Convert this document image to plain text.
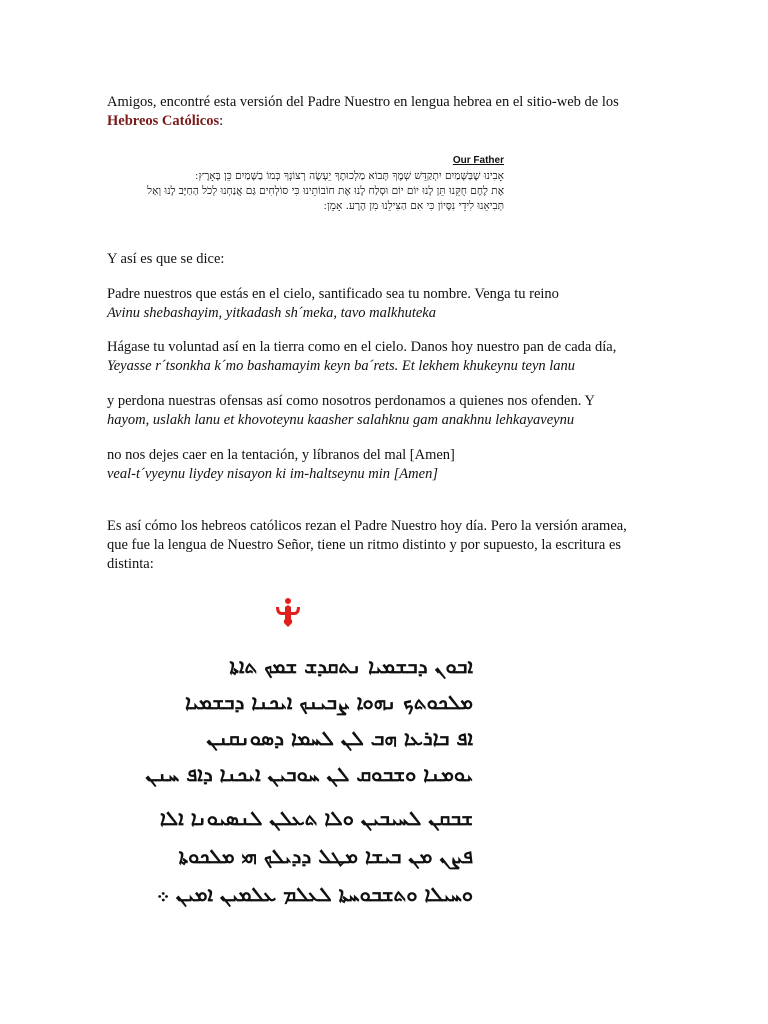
Amigos, encontré esta versión del Padre Nuestro en lengua hebrea en el sitio-web de los Hebreos Católicos:
Our Father
אָבִינוּ שֶׁבַּשָּׁמַיִם יִתְקַדֵּשׁ שְׁמֶךָ תָּבוֹא מַלְכוּתֶךָ יֵעָשֶׂה רְצוֹנְךָ כְּמוֹ בַשָּׁמַיִם כֵּן בָּאָרֶץ ׃
אֶת לֶחֶם חֻקֵּנוּ תֵּן לָנוּ יוֹם יוֹם וּסְלַח לָנוּ אֶת חוֹבוֹתֵינוּ כִּי סוֹלְחִים גַּם אֲנַחְנוּ לְכֹל הַחַיָּב לָנוּ וְאַל
תְּבִיאֵנוּ לִידֵי נִסָּיוֹן כִּי אִם הַצִּילֵנוּ מִן הָרָע. אָמֵן ׃
Y así es que se dice:
Padre nuestros que estás en el cielo, santificado sea tu nombre. Venga tu reino
Avinu shebashayim, yitkadash sh´meka, tavo malkhuteka
Hágase tu voluntad así en la tierra como en el cielo. Danos hoy nuestro pan de cada día,
Yeyasse r´tsonkha k´mo bashamayim keyn ba´rets. Et lekhem khukeynu teyn lanu
y perdona nuestras ofensas así como nosotros perdonamos a quienes nos ofenden. Y
hayom, uslakh lanu et khovoteynu kaasher salahknu gam anakhnu lehkayaveynu
no nos dejes caer en la tentación, y líbranos del mal [Amen]
veal-t´vyeynu liydey nisayon ki im-haltseynu min [Amen]
Es así cómo los hebreos católicos rezan el Padre Nuestro hoy día. Pero la versión aramea,
que fue la lengua de Nuestro Señor, tiene un ritmo distinto y por supuesto, la escritura es
distinta:
ܐܒܘܢ ܕܒܫܡܝܐ ܢܬܩܕܫ ܫܡܟ ܬܐܬܐ
ܡܠܟܘܬܟ ܢܗܘܐ ܨܒܝܢܟ ܐܝܟܢܐ ܕܒܫܡܝܐ
ܐܦ ܒܐܪܥܐ ܗܒ ܠܢ ܠܚܡܐ ܕܣܘܢܩܢܢ
ܝܘܡܢܐ ܘܫܒܘܩ ܠܢ ܚܘܒܝܢ ܐܝܟܢܐ ܕܐܦ ܚܢܢ
ܫܒܩܢ ܠܚܝܒܝܢ ܘܠܐ ܬܥܠܢ ܠܢܣܝܘܢܐ ܐܠܐ
ܦܨܢ ܡܢ ܒܝܫܐ ܡܛܠ ܕܕܝܠܟ ܗܝ ܡܠܟܘܬܐ
ܘܚܝܠܐ ܘܬܫܒܘܚܬܐ ܠܥܠܡ ܥܠܡܝܢ ܐܡܝܢ ܀
